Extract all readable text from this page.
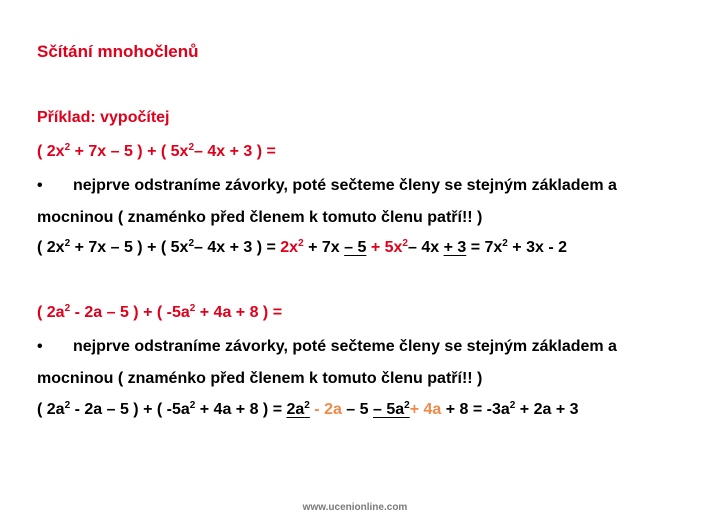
Sčítání mnohočlenů
Příklad: vypočítej
( $2x^2 + 7x - 5$ ) + ( $5x^2-$ 4x + 3 ) =
• nejprve odstraníme závorky, poté sečteme členy se stejným základem a
mocninou ( znaménko před členem k tomuto členu patří!! )
( $2x^2 + 7x - 5$ ) + ( $5x^2-$ 4x + 3 ) = $2x^2 + 7x - 5 + 5x^2-$ $4x + 3 = 7x^2 + 3x - 2$
( $2a^2 - 2a - 5$ ) + ( $-5a^2 + 4a + 8$ ) =
• nejprve odstraníme závorky, poté sečteme členy se stejným základem a
mocninou ( znaménko před členem k tomuto členu patří!! )
( $2a^2 - 2a - 5$ ) + ( $-5a^2 + 4a + 8$ ) = $2a^2 - 2a - 5 - 5a^2+ 4a + 8 = -3a^2 + 2a + 3$
www.ucenionline.com
